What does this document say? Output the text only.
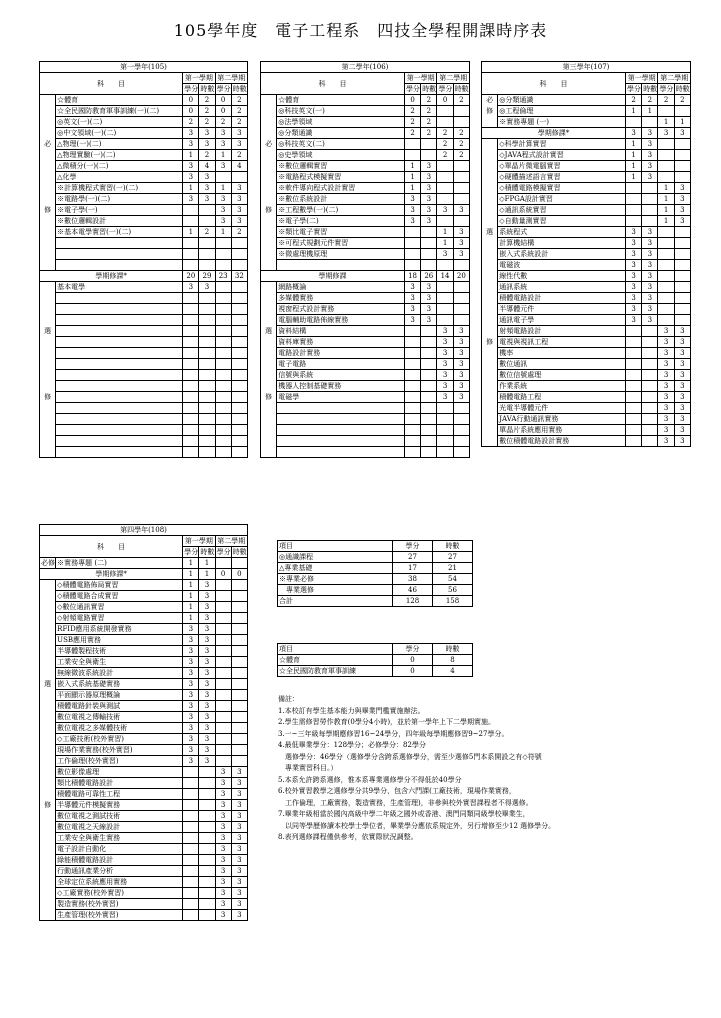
105學年度　電子工程系　四技全學程開課時序表
第一學年(105)					
科　　目		第一學期		第二學期	
		學分	時數	學分	時數
	☆體育	0	2	0	2
	☆全民國防教育軍事訓練(一)(二)	0	2	0	2
	◎英文(一)(二)	2	2	2	2
	◎中文領域(一)(二)	3	3	3	3
必	△物理(一)(二)	3	3	3	3
	△物理實驗(一)(二)	1	2	1	2
	△微積分(一)(二)	3	4	3	4
	△化學	3	3		
	※計算機程式實習(一)(二)	1	3	1	3
	※電路學(一)(二)	3	3	3	3
修	※電子學(一)			3	3
	※數位邏輯設計			3	3
	※基本電學實習(一)(二)	1	2	1	2

學期修課*		20	29	23	32
	基本電學	3	3		

選					

修					

第二學年(106)					
科　　目		第一學期		第二學期	
		學分	時數	學分	時數
	☆體育	0	2	0	2
	◎科技英文(一)	2	2		
	◎法學領域	2	2		
	◎分類通識	2	2	2	2
必	◎科技英文(二)			2	2
	◎史學領域			2	2
	※數位邏輯實習	1	3		
	※電路程式模擬實習	1	3		
	※軟件導向程式設計實習	1	3		
	※數位系統設計	3	3		
修	※工程數學(一)(二)	3	3	3	3
	※電子學(二)	3	3		
	※類比電子實習			1	3
	※可程式規劃元件實習			1	3
	※微處理機原理			3	3

學期修課		18	26	14	20
	網路概論	3	3		
	多媒體實務	3	3		
	視窗程式設計實務	3	3		
	電腦輔助電路佈線實務	3	3		
選	資料結構			3	3
	資料庫實務			3	3
	電路設計實務			3	3
	電子電路			3	3
	信號與系統			3	3
	機器人控制基礎實務			3	3
修	電磁學			3	3

第三學年(107)					
科　　目		第一學期		第二學期	
		學分	時數	學分	時數
必	◎分類通識	2	2	2	2
修	◎工程倫理	1	1		
	※實務專題 (一)			1	1
學期修課*		3	3	3	3
	◇科學計算實習	1	3		
	◇JAVA程式設計實習	1	3		
	◇單晶片微電腦實習	1	3		
	◇硬體描述語言實習	1	3		
	◇積體電路模擬實習			1	3
	◇FPGA設計實習			1	3
	◇通訊系統實習			1	3
	◇自動量測實習			1	3
選	系統程式	3	3		
	計算機結構	3	3		
	嵌入式系統設計	3	3		
	電磁波	3	3		
	線性代數	3	3		
	通訊系統	3	3		
	積體電路設計	3	3		
	半導體元件	3	3		
	通訊電子學	3	3		
	射頻電路設計			3	3
修	電視與視訊工程			3	3
	機率			3	3
	數位通訊			3	3
	數位信號處理			3	3
	作業系統			3	3
	積體電路工程			3	3
	光電半導體元件			3	3
	JAVA行動通訊實務			3	3
	單晶片系統應用實務			3	3
	數位積體電路設計實務			3	3
第四學年(108)					
科　　目		第一學期		第二學期	
		學分	時數	學分	時數
必修	※實務專題 (二)	1	1		
學期修課*		1	1	0	0
	◇積體電路佈局實習	1	3		
	◇積體電路合成實習	1	3		
	◇數位通訊實習	1	3		
	◇射頻電路實習	1	3		
	RFID應用系統開發實務	3	3		
	USB應用實務	3	3		
	半導體製程技術	3	3		
	工業安全與衛生	3	3		
	無線微波系統設計	3	3		
選	嵌入式系統基礎實務	3	3		
	平面顯示器原理概論	3	3		
	積體電路針裝與測試	3	3		
	數位電視之傳輸技術	3	3		
	數位電視之多媒體技術	3	3		
	◇工廠技術(校外實習)	3	3		
	現場作業實務(校外實習)	3	3		
	工作倫理(校外實習)	3	3		
	數位影像處理			3	3
	類比積體電路設計			3	3
	積體電路可靠性工程			3	3
修	半導體元件模擬實務			3	3
	數位電視之測試技術			3	3
	數位電視之天線設計			3	3
	工業安全與衛生實務			3	3
	電子設計自動化			3	3
	綠能積體電路設計			3	3
	行動通訊產業分析			3	3
	全球定位系統應用實務			3	3
	◇工廠實務(校外實習)			3	3
	製造實務(校外實習)			3	3
	生產管理(校外實習)			3	3
項目	學分	時數
◎通識課程	27	27
△專業基礎	17	21
※專業必修	38	54
　專業選修	46	56
合計	128	158
項目	學分	時數
☆體育	0	8
☆全民國防教育軍事訓練	0	4
備註：
1.本校訂有學生基本能力與畢業門檻實施辦法。
2.學生需修習勞作教育(0學分4小時)，並於第一學年上下二學期實施。
3.一~三年級每學期應修習16~24學分，四年級每學期應修習9~27學分。
4.最低畢業學分：128學分；必修學分：82學分
　選修學分：46學分（選修學分含跨系選修學分，需至少選修5門本系開設之有◇符號
　專業實習科目。）
5.本系允許跨系選修，惟本系專業選修學分不得低於40學分
6.校外實習教學之選修學分共9學分，包含六門課(工廠技術，現場作業實務，
　工作倫理，工廠實務，製造實務，生產管理)，非參與校外實習課程者不得選修。
7.畢業年級相當於國內高級中學二年級之國外或香港、澳門同類同級學校畢業生，
　以同等學歷修讀本校學士學位者，畢業學分應依系規定外，另行增修至少12 選修學分。
8.表列選修課程僅供參考，依實際狀況調整。
